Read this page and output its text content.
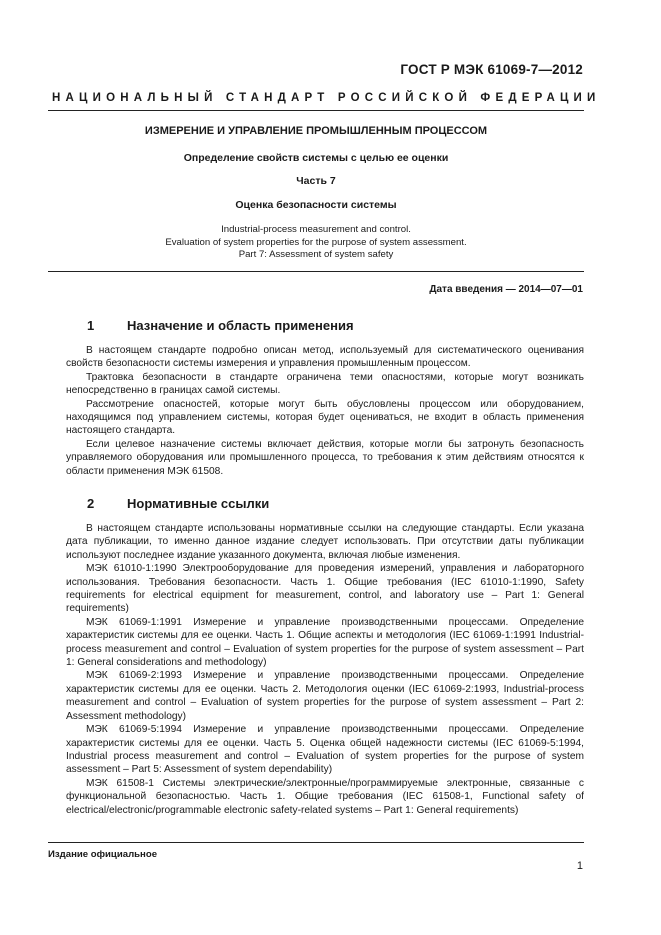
ГОСТ Р МЭК 61069-7—2012
НАЦИОНАЛЬНЫЙ СТАНДАРТ РОССИЙСКОЙ ФЕДЕРАЦИИ
ИЗМЕРЕНИЕ И УПРАВЛЕНИЕ ПРОМЫШЛЕННЫМ ПРОЦЕССОМ
Определение свойств системы с целью ее оценки
Часть 7
Оценка безопасности системы
Industrial-process measurement and control.
Evaluation of system properties for the purpose of system assessment.
Part 7: Assessment of system safety
Дата введения — 2014—07—01
1	Назначение и область применения

В настоящем стандарте подробно описан метод, используемый для систематического оценивания свойств безопасности системы измерения и управления промышленным процессом.

Трактовка безопасности в стандарте ограничена теми опасностями, которые могут возникать непосредственно в границах самой системы.

Рассмотрение опасностей, которые могут быть обусловлены процессом или оборудованием, находящимся под управлением системы, которая будет оцениваться, не входит в область применения настоящего стандарта.

Если целевое назначение системы включает действия, которые могли бы затронуть безопасность управляемого оборудования или промышленного процесса, то требования к этим действиям относятся к области применения МЭК 61508.

2	Нормативные ссылки

В настоящем стандарте использованы нормативные ссылки на следующие стандарты. Если указана дата публикации, то именно данное издание следует использовать. При отсутствии даты публикации используют последнее издание указанного документа, включая любые изменения.

МЭК 61010-1:1990 Электрооборудование для проведения измерений, управления и лабораторного использования. Требования безопасности. Часть 1. Общие требования (IEC 61010-1:1990, Safety requirements for electrical equipment for measurement, control, and laboratory use – Part 1: General requirements)

МЭК 61069-1:1991 Измерение и управление производственными процессами. Определение характеристик системы для ее оценки. Часть 1. Общие аспекты и методология (IEC 61069-1:1991 Industrial-process measurement and control – Evaluation of system properties for the purpose of system assessment – Part 1: General considerations and methodology)

МЭК 61069-2:1993 Измерение и управление производственными процессами. Определение характеристик системы для ее оценки. Часть 2. Методология оценки (IEC 61069-2:1993, Industrial-process measurement and control – Evaluation of system properties for the purpose of system assessment – Part 2: Assessment methodology)

МЭК 61069-5:1994 Измерение и управление производственными процессами. Определение характеристик системы для ее оценки. Часть 5. Оценка общей надежности системы (IEC 61069-5:1994, Industrial process measurement and control – Evaluation of system properties for the purpose of system assessment – Part 5: Assessment of system dependability)

МЭК 61508-1 Системы электрические/электронные/программируемые электронные, связанные с функциональной безопасностью. Часть 1. Общие требования (IEC 61508-1, Functional safety of electrical/electronic/programmable electronic safety-related systems – Part 1: General requirements)

Издание официальное
1
